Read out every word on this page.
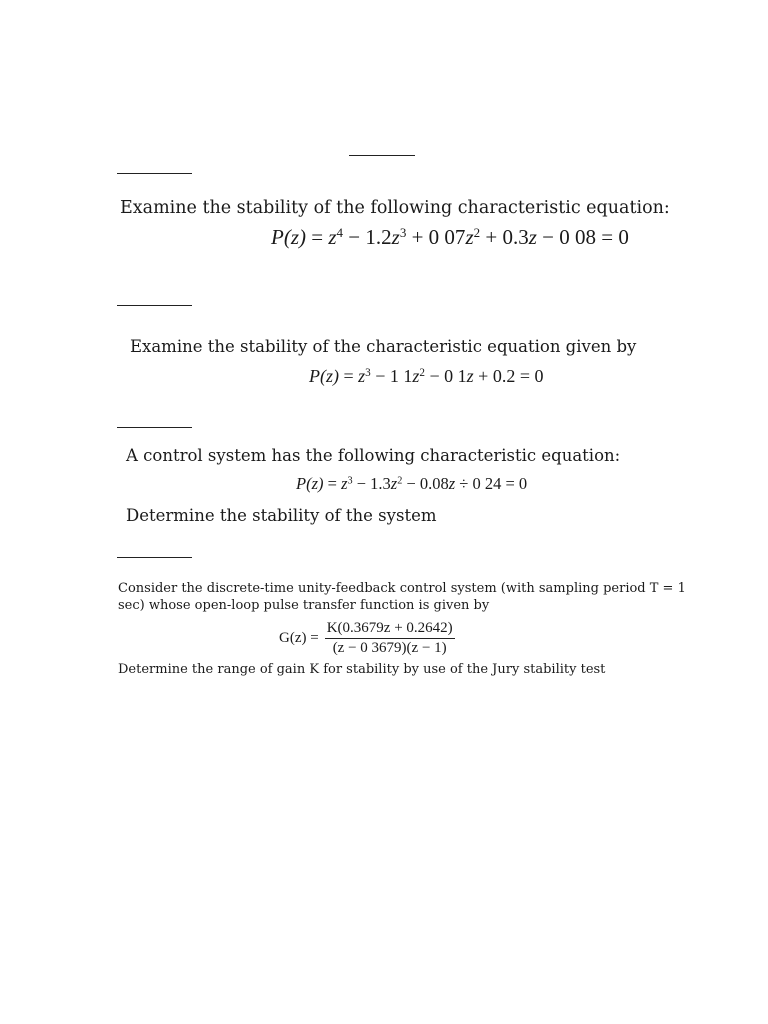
Examine the stability of the following characteristic equation:
$P(z) = z^4 - 1.2z^3 + 0$ $07z^2 + 0.3z - 0$ 08 = 0
Examine the stability of the characteristic equation given by
$P(z) = z^3 - 1$ $1z^2 - 0$ 1z + 0.2 = 0
A control system has the following characteristic equation:
$P(z) = z^3 - 1.3z^2 - 0.08z \div 0$ 24 = 0
Determine the stability of the system
Consider the discrete-time unity-feedback control system (with sampling period T = 1
sec) whose open-loop pulse transfer function is given by
$G(z) = \frac{K(0.3679z + 0.2642)}{(z - 0 3679)(z - 1)}$
Determine the range of gain K for stability by use of the Jury stability test
